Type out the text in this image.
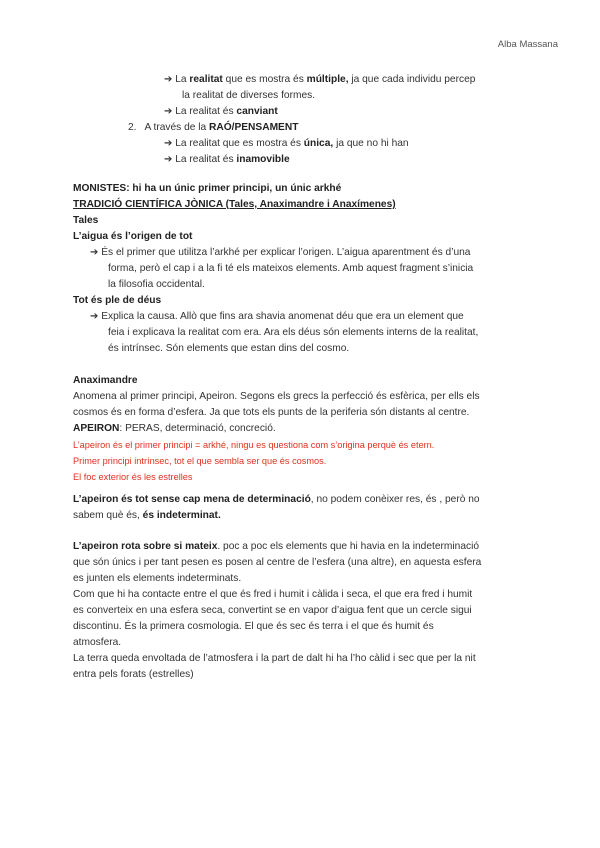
Alba Massana
➔ La realitat que es mostra és múltiple, ja que cada individu percep
la realitat de diverses formes.
➔ La realitat és canviant
2. A través de la RAÓ/PENSAMENT
➔ La realitat que es mostra és única, ja que no hi han
➔ La realitat és inamovible
MONISTES: hi ha un únic primer principi, un únic arkhé
TRADICIÓ CIENTÍFICA JÒNICA (Tales, Anaximandre i Anaxímenes)
Tales
L’aigua és l’origen de tot
➔ És el primer que utilitza l’arkhé per explicar l’origen. L’aigua aparentment és d’una
forma, però el cap i a la fi té els mateixos elements. Amb aquest fragment s’inicia
la filosofia occidental.
Tot és ple de déus
➔ Explica la causa. Allò que fins ara shavia anomenat déu que era un element que
feia i explicava la realitat com era. Ara els déus són elements interns de la realitat,
és intrínsec. Són elements que estan dins del cosmo.
Anaximandre
Anomena al primer principi, Apeiron. Segons els grecs la perfecció és esfèrica, per ells els
cosmos és en forma d’esfera. Ja que tots els punts de la periferia són distants al centre.
APEIRON: PERAS, determinació, concreció.
L’apeiron és el primer principi = arkhé, ningu es questiona com s’origina perquè és etern.
Primer principi intrínsec, tot el que sembla ser que és cosmos.
El foc exterior és les estrelles
L’apeiron és tot sense cap mena de determinació, no podem conèixer res, és , però no
sabem què és, és indeterminat.
L’apeiron rota sobre si mateix. poc a poc els elements que hi havia en la indeterminació
que són únics i per tant pesen es posen al centre de l’esfera (una altre), en aquesta esfera
es junten els elements indeterminats.
Com que hi ha contacte entre el que és fred i humit i càlida i seca, el que era fred i humit
es converteix en una esfera seca, convertint se en vapor d’aigua fent que un cercle sigui
discontinu. És la primera cosmologia. El que és sec és terra i el que és humit és
atmosfera.
La terra queda envoltada de l’atmosfera i la part de dalt hi ha l’ho càlid i sec que per la nit
entra pels forats (estrelles)
